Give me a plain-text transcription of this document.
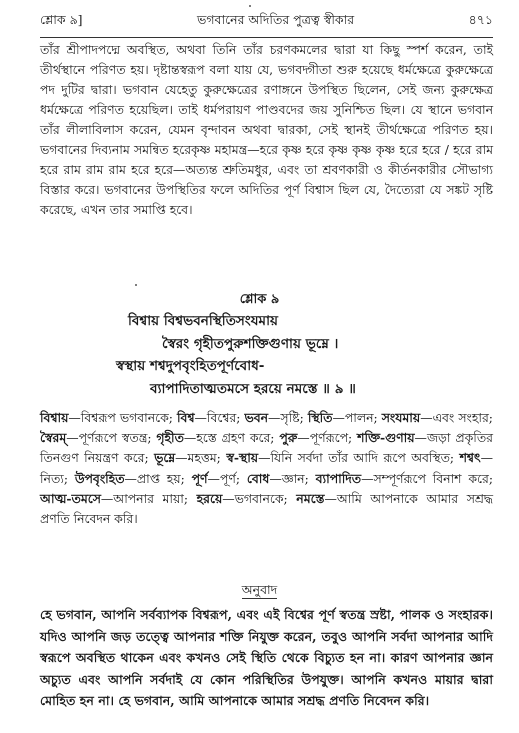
শ্লোক ৯]	ভগবানের অদিতির পুত্রত্ব স্বীকার	৪৭১

তাঁর শ্রীপাদপদ্মে অবস্থিত, অথবা তিনি তাঁর চরণকমলের দ্বারা যা কিছু স্পর্শ করেন, তাই তীর্থস্থানে পরিণত হয়। দৃষ্টান্তস্বরূপ বলা যায় যে, ভগবদ্গীতা শুরু হয়েছে ধর্মক্ষেত্রে কুরুক্ষেত্রে পদ দুটির দ্বারা। ভগবান যেহেতু কুরুক্ষেত্রের রণাঙ্গনে উপস্থিত ছিলেন, সেই জন্য কুরুক্ষেত্র ধর্মক্ষেত্রে পরিণত হয়েছিল। তাই ধর্মপরায়ণ পাণ্ডবদের জয় সুনিশ্চিত ছিল। যে স্থানে ভগবান তাঁর লীলাবিলাস করেন, যেমন বৃন্দাবন অথবা দ্বারকা, সেই স্থানই তীর্থক্ষেত্রে পরিণত হয়। ভগবানের দিব্যনাম সমন্বিত হরেকৃষ্ণ মহামন্ত্র—হরে কৃষ্ণ হরে কৃষ্ণ কৃষ্ণ কৃষ্ণ হরে হরে / হরে রাম হরে রাম রাম রাম হরে হরে—অত্যন্ত শ্রুতিমধুর, এবং তা শ্রবণকারী ও কীর্তনকারীর সৌভাগ্য বিস্তার করে। ভগবানের উপস্থিতির ফলে অদিতির পূর্ণ বিশ্বাস ছিল যে, দৈত্যেরা যে সঙ্কট সৃষ্টি করেছে, এখন তার সমাপ্তি হবে।

শ্লোক ৯
বিশ্বায় বিশ্বভবনস্থিতিসংযমায়
স্বৈরং গৃহীতপুরুশক্তিগুণায় ভূম্নে ।
স্বস্থায় শশ্বদুপবৃংহিতপূর্ণবোধ-
ব্যাপাদিতাত্মতমসে হরয়ে নমস্তে ॥ ৯ ॥

বিশ্বায়—বিশ্বরূপ ভগবানকে; বিশ্ব—বিশ্বের; ভবন—সৃষ্টি; স্থিতি—পালন; সংযমায়—এবং সংহার; স্বৈরম্—পূর্ণরূপে স্বতন্ত্র; গৃহীত—হস্তে গ্রহণ করে; পুরু—পূর্ণরূপে; শক্তি-গুণায়—জড়া প্রকৃতির তিনগুণ নিয়ন্ত্রণ করে; ভূম্নে—মহত্তম; স্ব-স্থায়—যিনি সর্বদা তাঁর আদি রূপে অবস্থিত; শশ্বৎ—নিত্য; উপবৃংহিত—প্রাপ্ত হয়; পূর্ণ—পূর্ণ; বোধ—জ্ঞান; ব্যাপাদিত—সম্পূর্ণরূপে বিনাশ করে; আত্ম-তমসে—আপনার মায়া; হরয়ে—ভগবানকে; নমস্তে—আমি আপনাকে আমার সশ্রদ্ধ প্রণতি নিবেদন করি।

অনুবাদ

হে ভগবান, আপনি সর্বব্যাপক বিশ্বরূপ, এবং এই বিশ্বের পূর্ণ স্বতন্ত্র স্রষ্টা, পালক ও সংহারক। যদিও আপনি জড় তত্ত্বে আপনার শক্তি নিযুক্ত করেন, তবুও আপনি সর্বদা আপনার আদি স্বরূপে অবস্থিত থাকেন এবং কখনও সেই স্থিতি থেকে বিচ্যুত হন না। কারণ আপনার জ্ঞান অচ্যুত এবং আপনি সর্বদাই যে কোন পরিস্থিতির উপযুক্ত। আপনি কখনও মায়ার দ্বারা মোহিত হন না। হে ভগবান, আমি আপনাকে আমার সশ্রদ্ধ প্রণতি নিবেদন করি।
